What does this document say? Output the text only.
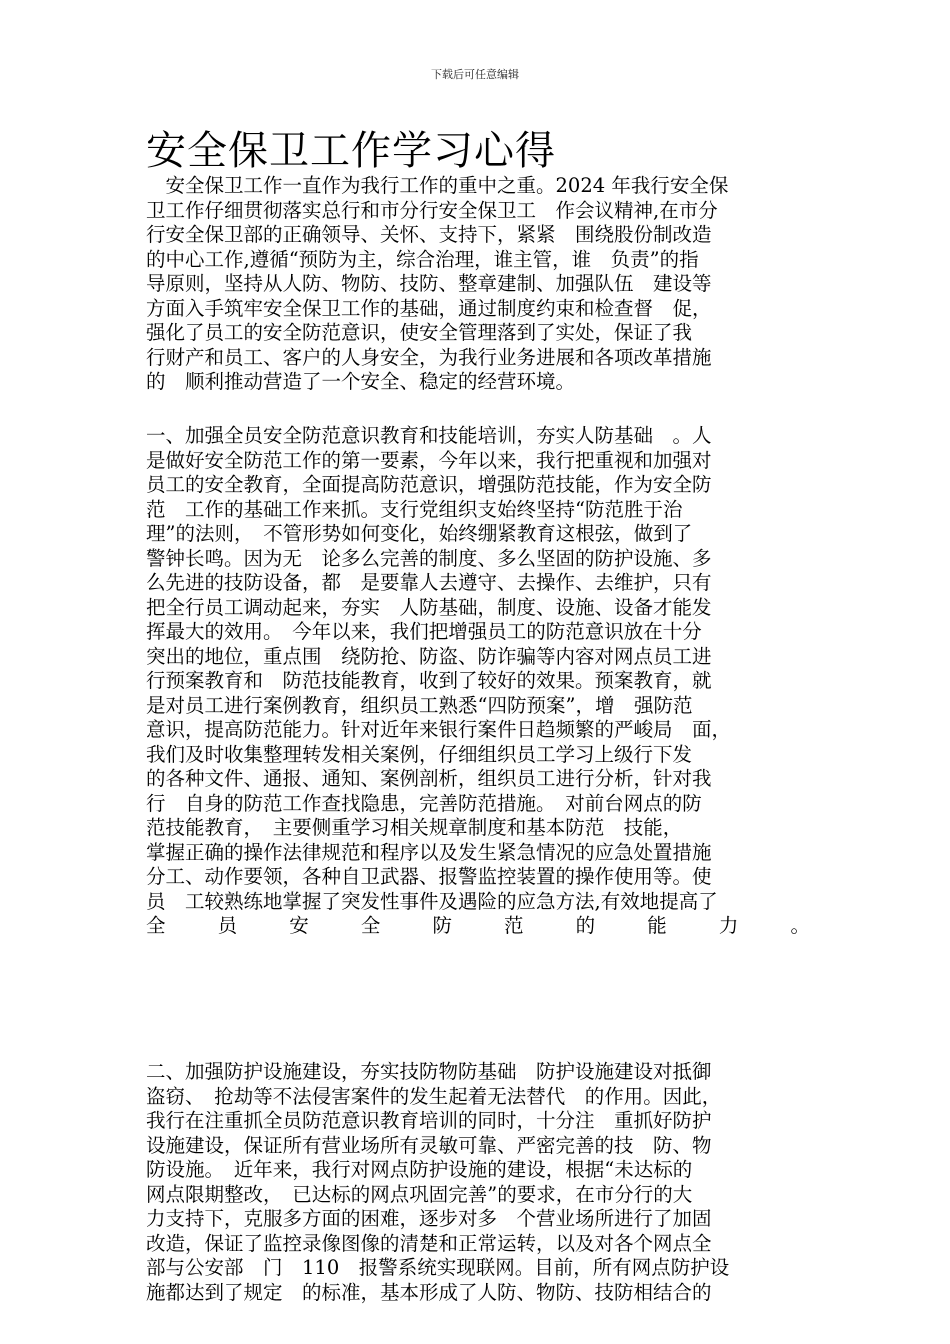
下载后可任意编辑
安全保卫工作学习心得
　安全保卫工作一直作为我行工作的重中之重。2024 年我行安全保
卫工作仔细贯彻落实总行和市分行安全保卫工　作会议精神,在市分
行安全保卫部的正确领导、关怀、支持下，紧紧　围绕股份制改造
的中心工作,遵循“预防为主，综合治理，谁主管，谁　负责”的指
导原则，坚持从人防、物防、技防、整章建制、加强队伍　建设等
方面入手筑牢安全保卫工作的基础，通过制度约束和检查督　促，
强化了员工的安全防范意识，使安全管理落到了实处，保证了我
行财产和员工、客户的人身安全，为我行业务进展和各项改革措施
的　顺利推动营造了一个安全、稳定的经营环境。
一、加强全员安全防范意识教育和技能培训，夯实人防基础　。人
是做好安全防范工作的第一要素，今年以来，我行把重视和加强对
员工的安全教育，全面提高防范意识，增强防范技能，作为安全防
范　工作的基础工作来抓。支行党组织支始终坚持“防范胜于治
理”的法则，　不管形势如何变化，始终绷紧教育这根弦，做到了
警钟长鸣。因为无　论多么完善的制度、多么坚固的防护设施、多
么先进的技防设备，都　是要靠人去遵守、去操作、去维护，只有
把全行员工调动起来，夯实　人防基础，制度、设施、设备才能发
挥最大的效用。　今年以来，我们把增强员工的防范意识放在十分
突出的地位，重点围　绕防抢、防盗、防诈骗等内容对网点员工进
行预案教育和　防范技能教育，收到了较好的效果。预案教育，就
是对员工进行案例教育，组织员工熟悉“四防预案”，增　强防范
意识，提高防范能力。针对近年来银行案件日趋频繁的严峻局　面，
我们及时收集整理转发相关案例，仔细组织员工学习上级行下发
的各种文件、通报、通知、案例剖析，组织员工进行分析，针对我
行　自身的防范工作查找隐患，完善防范措施。　对前台网点的防
范技能教育，　主要侧重学习相关规章制度和基本防范　技能，
掌握正确的操作法律规范和程序以及发生紧急情况的应急处置措施
分工、动作要领，各种自卫武器、报警监控装置的操作使用等。使
员　工较熟练地掌握了突发性事件及遇险的应急方法,有效地提高了
全	员	安	全	防	范	的	能	力	。
二、加强防护设施建设，夯实技防物防基础　防护设施建设对抵御
盗窃、　抢劫等不法侵害案件的发生起着无法替代　的作用。因此，
我行在注重抓全员防范意识教育培训的同时，十分注　重抓好防护
设施建设，保证所有营业场所有灵敏可靠、严密完善的技　防、物
防设施。　近年来，我行对网点防护设施的建设，根据“未达标的
网点限期整改，　已达标的网点巩固完善”的要求，在市分行的大
力支持下，克服多方面的困难，逐步对多　个营业场所进行了加固
改造，保证了监控录像图像的清楚和正常运转，以及对各个网点全
部与公安部　门　110　报警系统实现联网。目前，所有网点防护设
施都达到了规定　的标准，基本形成了人防、物防、技防相结合的
